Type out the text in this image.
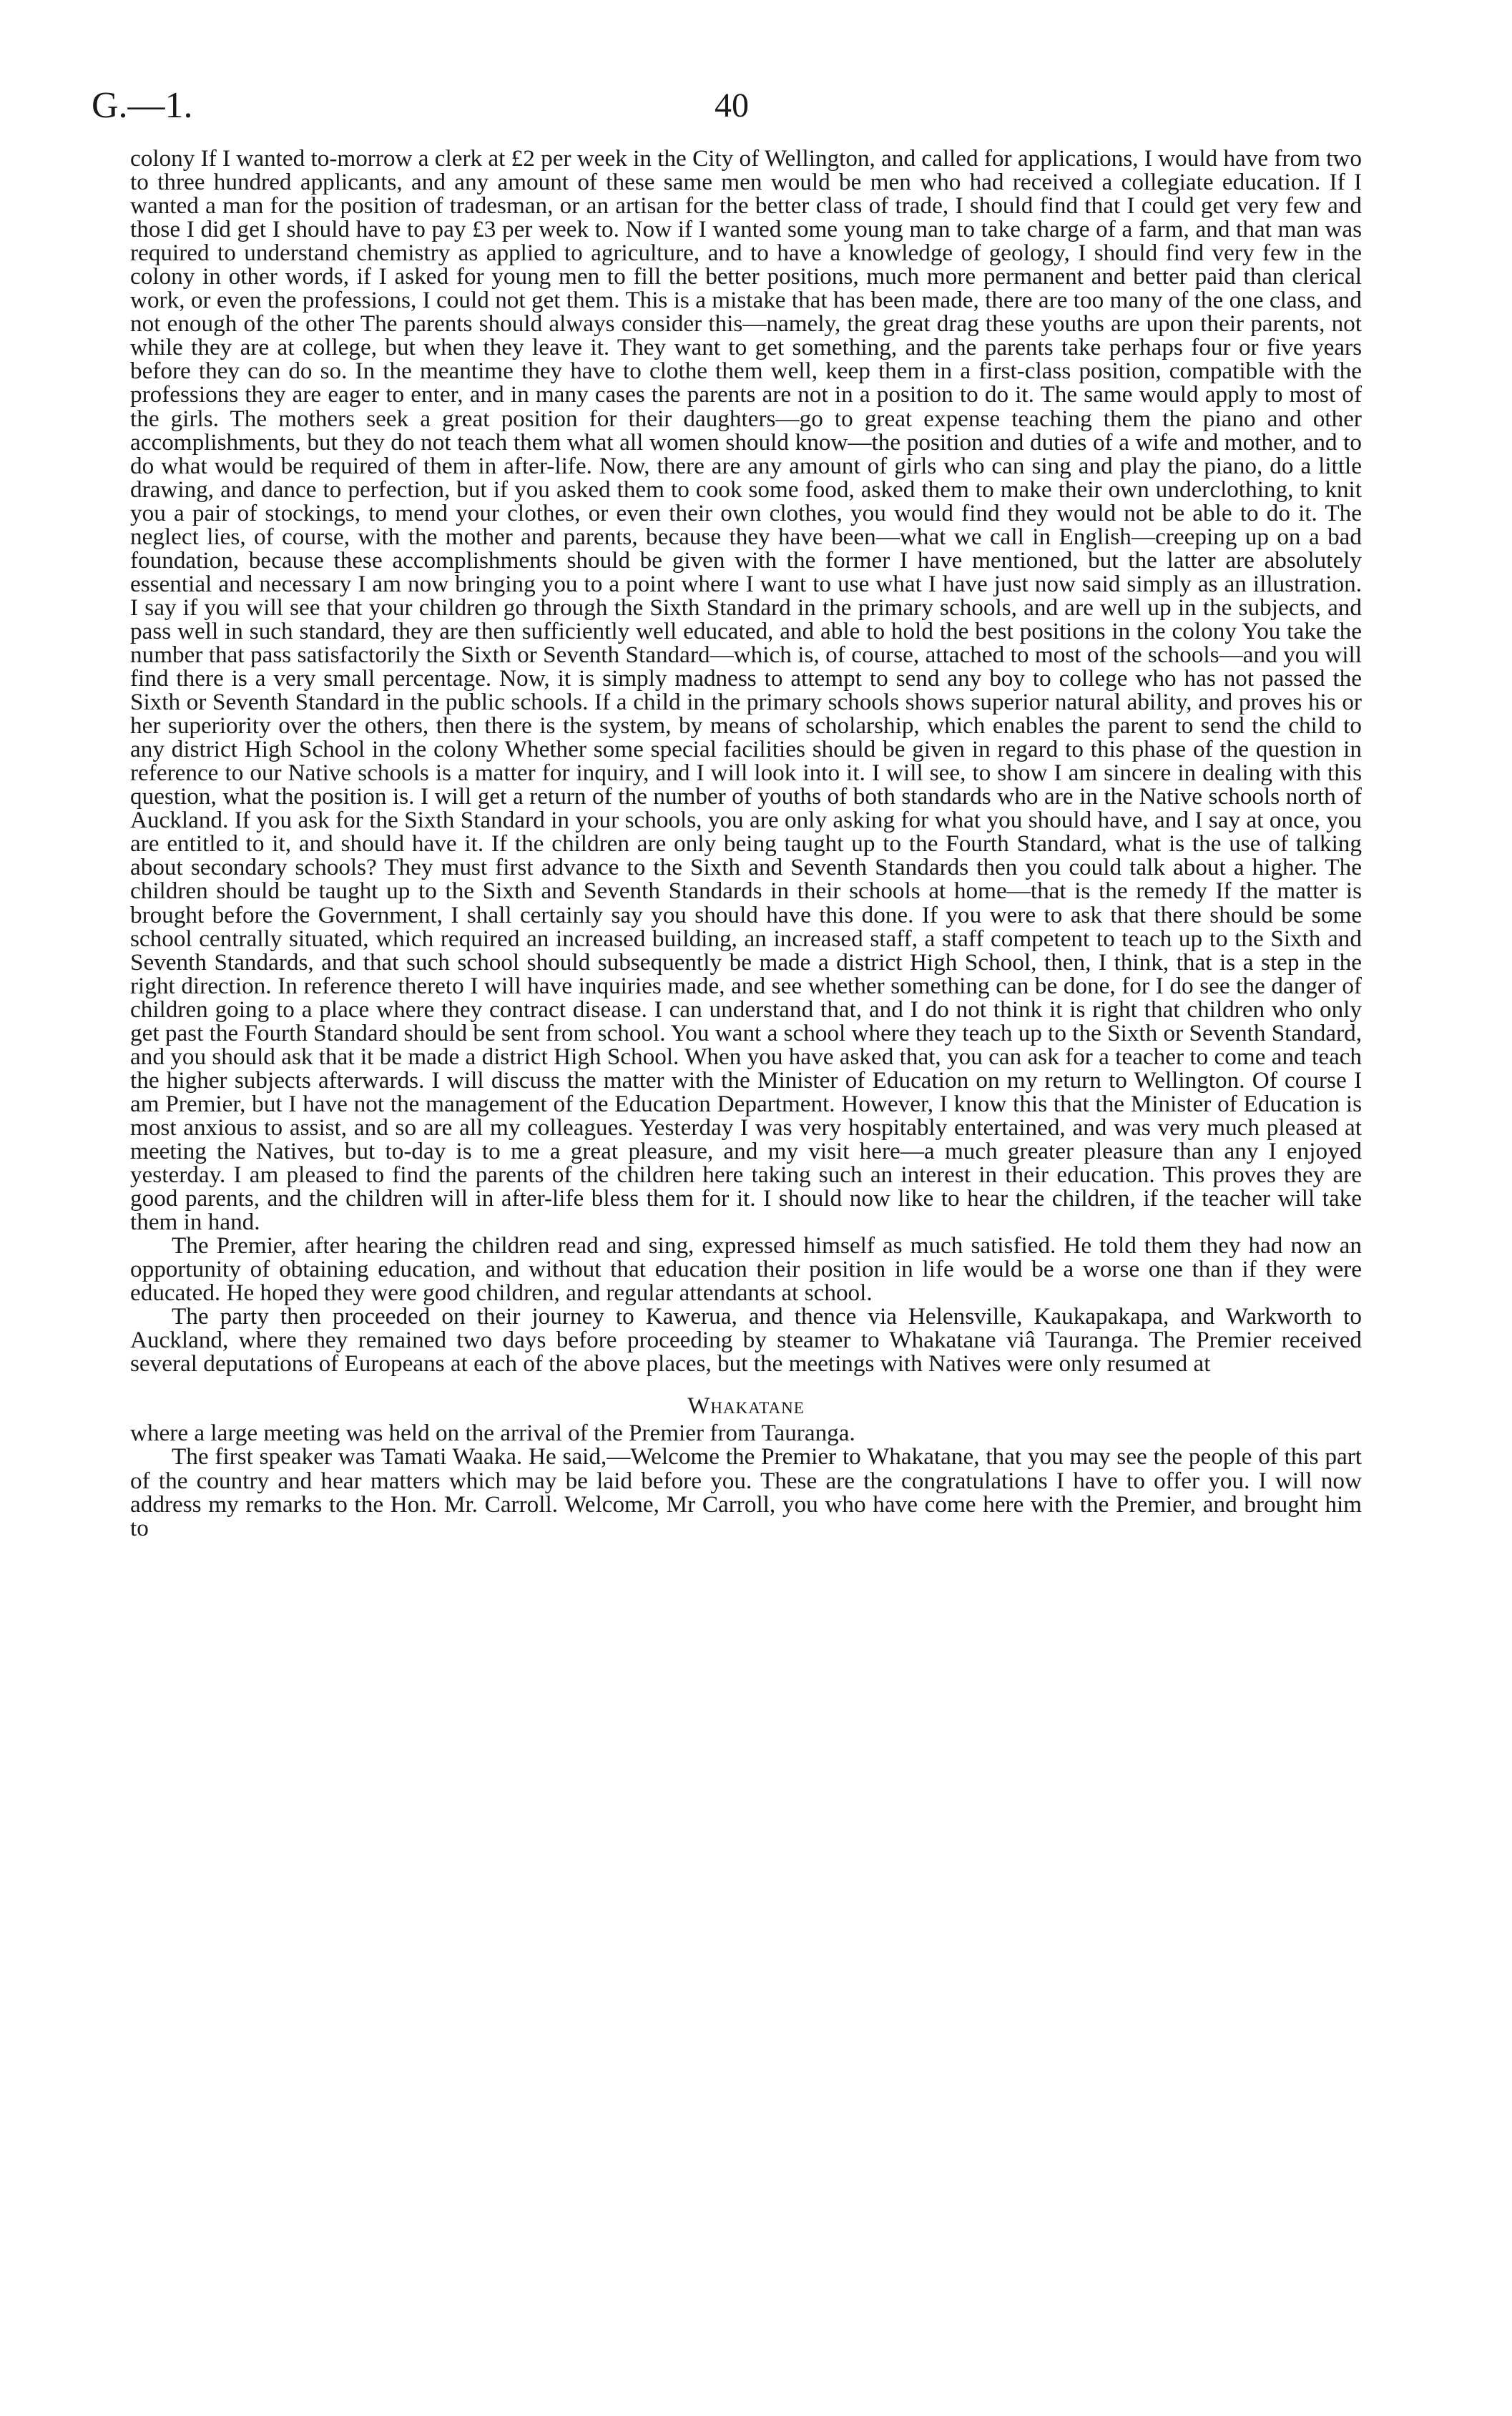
G.—1.	40

colony If I wanted to-morrow a clerk at £2 per week in the City of Wellington, and called for applications, I would have from two to three hundred applicants, and any amount of these same men would be men who had received a collegiate education. If I wanted a man for the position of tradesman, or an artisan for the better class of trade, I should find that I could get very few and those I did get I should have to pay £3 per week to. Now if I wanted some young man to take charge of a farm, and that man was required to understand chemistry as applied to agriculture, and to have a knowledge of geology, I should find very few in the colony in other words, if I asked for young men to fill the better positions, much more permanent and better paid than clerical work, or even the professions, I could not get them. This is a mistake that has been made, there are too many of the one class, and not enough of the other The parents should always consider this—namely, the great drag these youths are upon their parents, not while they are at college, but when they leave it. They want to get something, and the parents take perhaps four or five years before they can do so. In the meantime they have to clothe them well, keep them in a first-class position, compatible with the professions they are eager to enter, and in many cases the parents are not in a position to do it. The same would apply to most of the girls. The mothers seek a great position for their daughters—go to great expense teaching them the piano and other accomplishments, but they do not teach them what all women should know—the position and duties of a wife and mother, and to do what would be required of them in after-life. Now, there are any amount of girls who can sing and play the piano, do a little drawing, and dance to perfection, but if you asked them to cook some food, asked them to make their own underclothing, to knit you a pair of stockings, to mend your clothes, or even their own clothes, you would find they would not be able to do it. The neglect lies, of course, with the mother and parents, because they have been—what we call in English—creeping up on a bad foundation, because these accomplishments should be given with the former I have mentioned, but the latter are absolutely essential and necessary I am now bringing you to a point where I want to use what I have just now said simply as an illustration. I say if you will see that your children go through the Sixth Standard in the primary schools, and are well up in the subjects, and pass well in such standard, they are then sufficiently well educated, and able to hold the best positions in the colony You take the number that pass satisfactorily the Sixth or Seventh Standard—which is, of course, attached to most of the schools—and you will find there is a very small percentage. Now, it is simply madness to attempt to send any boy to college who has not passed the Sixth or Seventh Standard in the public schools. If a child in the primary schools shows superior natural ability, and proves his or her superiority over the others, then there is the system, by means of scholarship, which enables the parent to send the child to any district High School in the colony Whether some special facilities should be given in regard to this phase of the question in reference to our Native schools is a matter for inquiry, and I will look into it. I will see, to show I am sincere in dealing with this question, what the position is. I will get a return of the number of youths of both standards who are in the Native schools north of Auckland. If you ask for the Sixth Standard in your schools, you are only asking for what you should have, and I say at once, you are entitled to it, and should have it. If the children are only being taught up to the Fourth Standard, what is the use of talking about secondary schools? They must first advance to the Sixth and Seventh Standards then you could talk about a higher. The children should be taught up to the Sixth and Seventh Standards in their schools at home—that is the remedy If the matter is brought before the Government, I shall certainly say you should have this done. If you were to ask that there should be some school centrally situated, which required an increased building, an increased staff, a staff competent to teach up to the Sixth and Seventh Standards, and that such school should subsequently be made a district High School, then, I think, that is a step in the right direction. In reference thereto I will have inquiries made, and see whether something can be done, for I do see the danger of children going to a place where they contract disease. I can understand that, and I do not think it is right that children who only get past the Fourth Standard should be sent from school. You want a school where they teach up to the Sixth or Seventh Standard, and you should ask that it be made a district High School. When you have asked that, you can ask for a teacher to come and teach the higher subjects afterwards. I will discuss the matter with the Minister of Education on my return to Wellington. Of course I am Premier, but I have not the management of the Education Department. However, I know this that the Minister of Education is most anxious to assist, and so are all my colleagues. Yesterday I was very hospitably entertained, and was very much pleased at meeting the Natives, but to-day is to me a great pleasure, and my visit here—a much greater pleasure than any I enjoyed yesterday. I am pleased to find the parents of the children here taking such an interest in their education. This proves they are good parents, and the children will in after-life bless them for it. I should now like to hear the children, if the teacher will take them in hand.

The Premier, after hearing the children read and sing, expressed himself as much satisfied. He told them they had now an opportunity of obtaining education, and without that education their position in life would be a worse one than if they were educated. He hoped they were good children, and regular attendants at school.

The party then proceeded on their journey to Kawerua, and thence via Helensville, Kaukapakapa, and Warkworth to Auckland, where they remained two days before proceeding by steamer to Whakatane viâ Tauranga. The Premier received several deputations of Europeans at each of the above places, but the meetings with Natives were only resumed at

Whakatane

where a large meeting was held on the arrival of the Premier from Tauranga.

The first speaker was Tamati Waaka. He said,—Welcome the Premier to Whakatane, that you may see the people of this part of the country and hear matters which may be laid before you. These are the congratulations I have to offer you. I will now address my remarks to the Hon. Mr. Carroll. Welcome, Mr Carroll, you who have come here with the Premier, and brought him to
